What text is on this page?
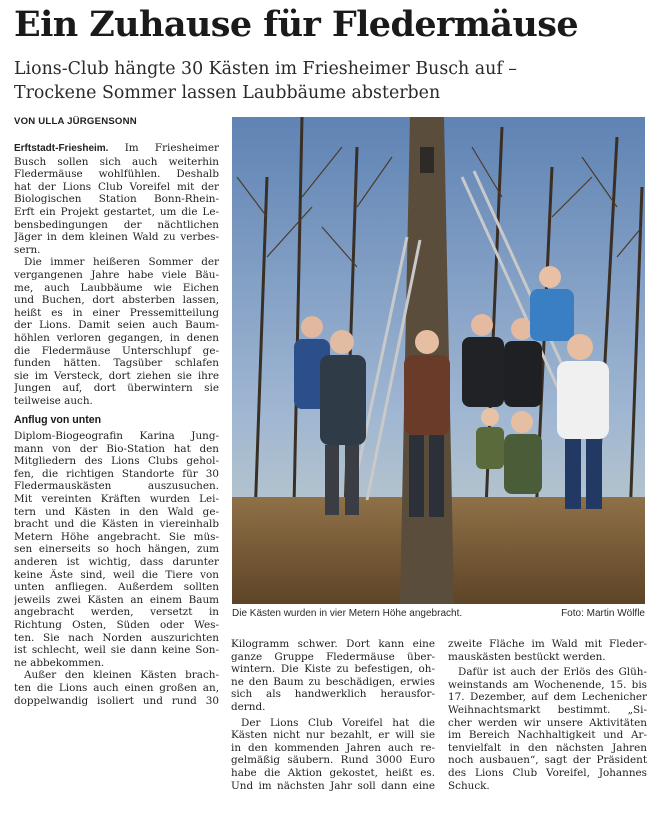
Ein Zuhause für Fledermäuse
Lions-Club hängte 30 Kästen im Friesheimer Busch auf –
Trockene Sommer lassen Laubbäume absterben
VON ULLA JÜRGENSONN
Erftstadt-Friesheim. Im Friesheimer
Busch sollen sich auch weiterhin
Fledermäuse wohlfühlen. Deshalb
hat der Lions Club Voreifel mit der
Biologischen Station Bonn-Rhein-
Erft ein Projekt gestartet, um die Le-
bensbedingungen der nächtlichen
Jäger in dem kleinen Wald zu verbes-
sern.
Die immer heißeren Sommer der
vergangenen Jahre habe viele Bäu-
me, auch Laubbäume wie Eichen
und Buchen, dort absterben lassen,
heißt es in einer Pressemitteilung
der Lions. Damit seien auch Baum-
höhlen verloren gegangen, in denen
die Fledermäuse Unterschlupf ge-
funden hätten. Tagsüber schlafen
sie im Versteck, dort ziehen sie ihre
Jungen auf, dort überwintern sie
teilweise auch.
Anflug von unten
Diplom-Biogeografin Karina Jung-
mann von der Bio-Station hat den
Mitgliedern des Lions Clubs gehol-
fen, die richtigen Standorte für 30
Fledermauskästen auszusuchen.
Mit vereinten Kräften wurden Lei-
tern und Kästen in den Wald ge-
bracht und die Kästen in viereinhalb
Metern Höhe angebracht. Sie müs-
sen einerseits so hoch hängen, zum
anderen ist wichtig, dass darunter
keine Äste sind, weil die Tiere von
unten anfliegen. Außerdem sollten
jeweils zwei Kästen an einem Baum
angebracht werden, versetzt in
Richtung Osten, Süden oder Wes-
ten. Sie nach Norden auszurichten
ist schlecht, weil sie dann keine Son-
ne abbekommen.
Außer den kleinen Kästen brach-
ten die Lions auch einen großen an,
doppelwandig isoliert und rund 30
Die Kästen wurden in vier Metern Höhe angebracht.	Foto: Martin Wölfle
Kilogramm schwer. Dort kann eine
ganze Gruppe Fledermäuse über-
wintern. Die Kiste zu befestigen, oh-
ne den Baum zu beschädigen, erwies
sich als handwerklich herausfor-
dernd.
Der Lions Club Voreifel hat die
Kästen nicht nur bezahlt, er will sie
in den kommenden Jahren auch re-
gelmäßig säubern. Rund 3000 Euro
habe die Aktion gekostet, heißt es.
Und im nächsten Jahr soll dann eine
zweite Fläche im Wald mit Fleder-
mauskästen bestückt werden.
Dafür ist auch der Erlös des Glüh-
weinstands am Wochenende, 15. bis
17. Dezember, auf dem Lechenicher
Weihnachtsmarkt bestimmt. „Si-
cher werden wir unsere Aktivitäten
im Bereich Nachhaltigkeit und Ar-
tenvielfalt in den nächsten Jahren
noch ausbauen“, sagt der Präsident
des Lions Club Voreifel, Johannes
Schuck.
